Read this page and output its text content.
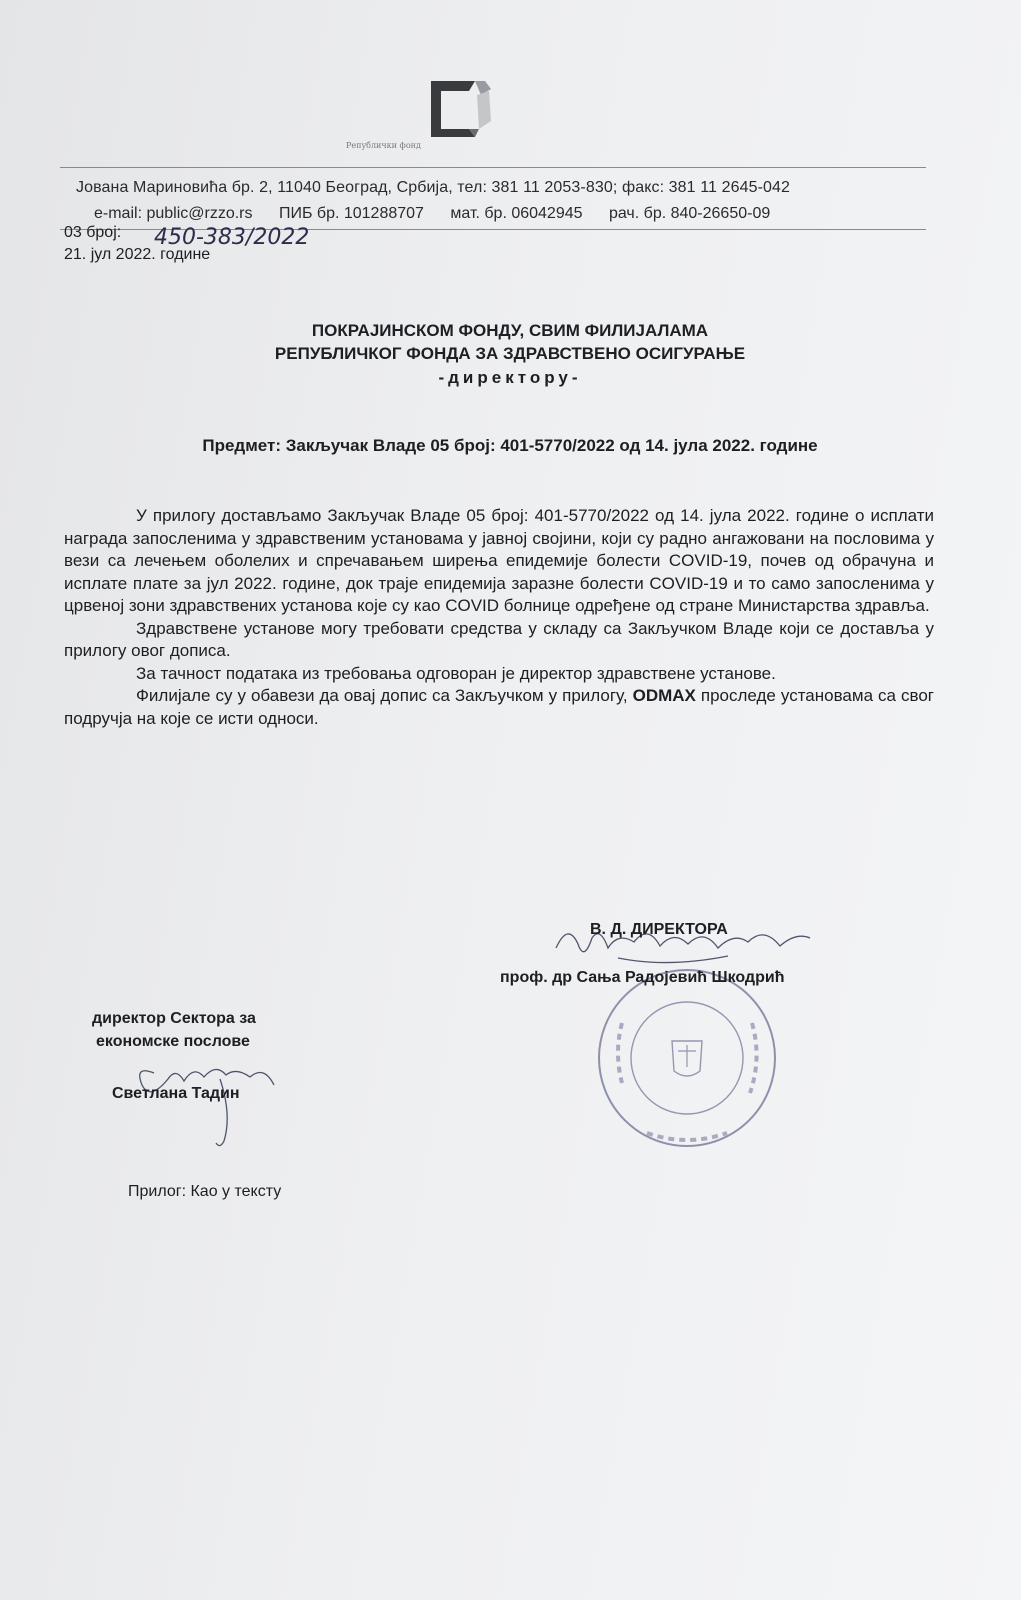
Републички фонд
Јована Мариновића бр. 2, 11040 Београд, Србија, тел: 381 11 2053-830; факс: 381 11 2645-042
e-mail: public@rzzo.rs ПИБ бр. 101288707 мат. бр. 06042945 рач. бр. 840-26650-09
03 број: 450-383/2022
21. јул 2022. године
ПОКРАЈИНСКОМ ФОНДУ, СВИМ ФИЛИЈАЛАМА
РЕПУБЛИЧКОГ ФОНДА ЗА ЗДРАВСТВЕНО ОСИГУРАЊЕ
-директору-
Предмет: Закључак Владе 05 број: 401-5770/2022 од 14. јула 2022. године

У прилогу достављамо Закључак Владе 05 број: 401-5770/2022 од 14. јула 2022. године о исплати награда запосленима у здравственим установама у јавној својини, који су радно ангажовани на пословима у вези са лечењем оболелих и спречавањем ширења епидемије болести COVID-19, почев од обрачуна и исплате плате за јул 2022. године, док траје епидемија заразне болести COVID-19 и то само запосленима у црвеној зони здравствених установа које су као COVID болнице одређене од стране Министарства здравља.

Здравствене установе могу требовати средства у складу са Закључком Владе који се доставља у прилогу овог дописа.

За тачност података из требовања одговоран је директор здравствене установе.

Филијале су у обавези да овај допис са Закључком у прилогу, ODMAX проследе установама са свог подручја на које се исти односи.

В. Д. ДИРЕКТОРА
проф. др Сања Радојевић Шкодрић
директор Сектора за
економске послове
Светлана Тадин
Прилог: Као у тексту
